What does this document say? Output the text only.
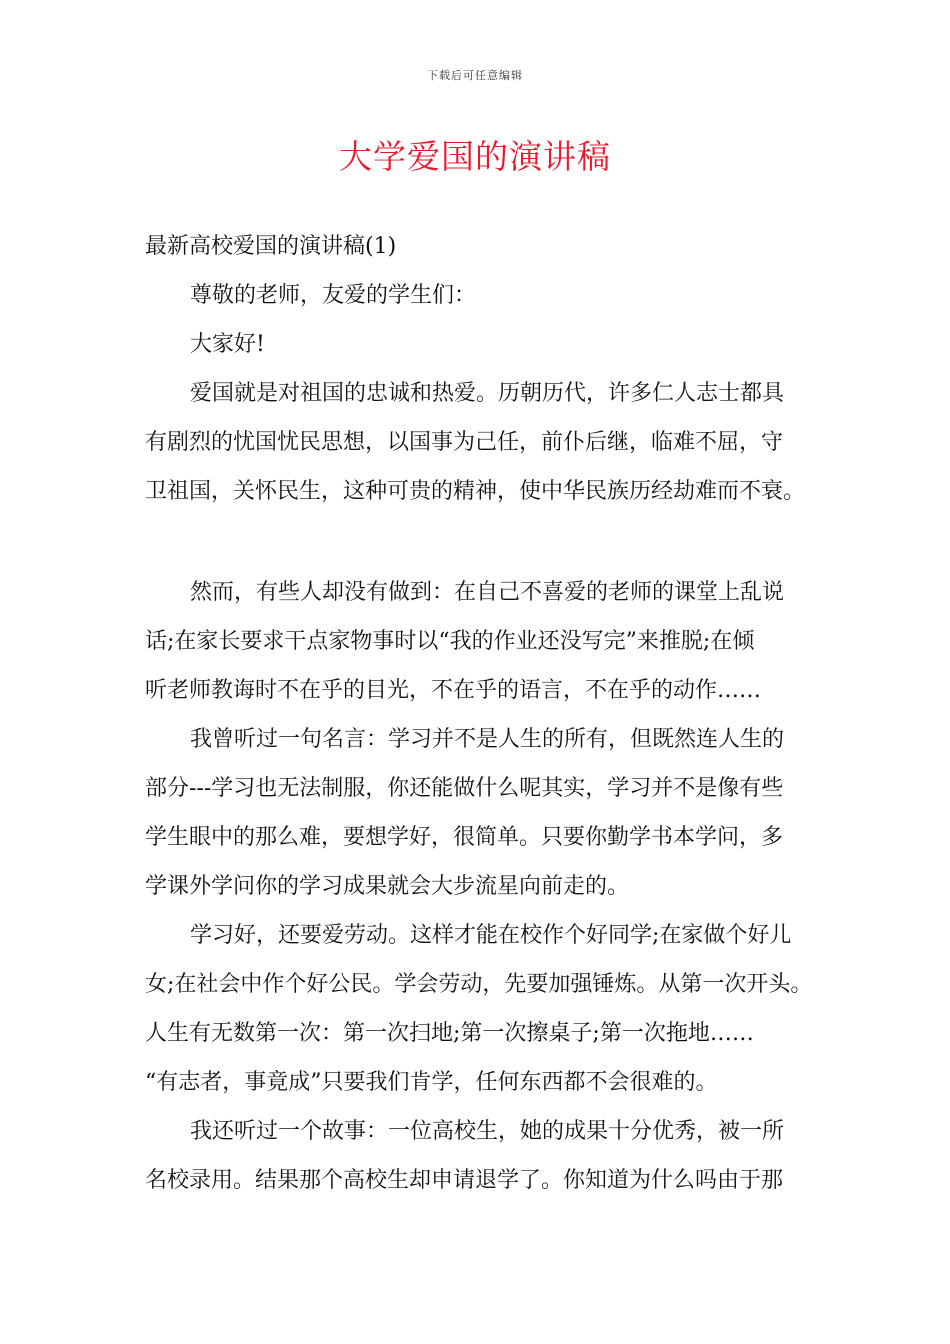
下载后可任意编辑
大学爱国的演讲稿
最新高校爱国的演讲稿(1)
尊敬的老师，友爱的学生们：
大家好!
爱国就是对祖国的忠诚和热爱。历朝历代，许多仁人志士都具
有剧烈的忧国忧民思想，以国事为己任，前仆后继，临难不屈，守
卫祖国，关怀民生，这种可贵的精神，使中华民族历经劫难而不衰。
然而，有些人却没有做到：在自己不喜爱的老师的课堂上乱说
话;在家长要求干点家物事时以“我的作业还没写完”来推脱;在倾
听老师教诲时不在乎的目光，不在乎的语言，不在乎的动作……
我曾听过一句名言：学习并不是人生的所有，但既然连人生的
部分---学习也无法制服，你还能做什么呢其实，学习并不是像有些
学生眼中的那么难，要想学好，很简单。只要你勤学书本学问，多
学课外学问你的学习成果就会大步流星向前走的。
学习好，还要爱劳动。这样才能在校作个好同学;在家做个好儿
女;在社会中作个好公民。学会劳动，先要加强锤炼。从第一次开头。
人生有无数第一次：第一次扫地;第一次擦桌子;第一次拖地……
“有志者，事竟成”只要我们肯学，任何东西都不会很难的。
我还听过一个故事：一位高校生，她的成果十分优秀，被一所
名校录用。结果那个高校生却申请退学了。你知道为什么吗由于那
